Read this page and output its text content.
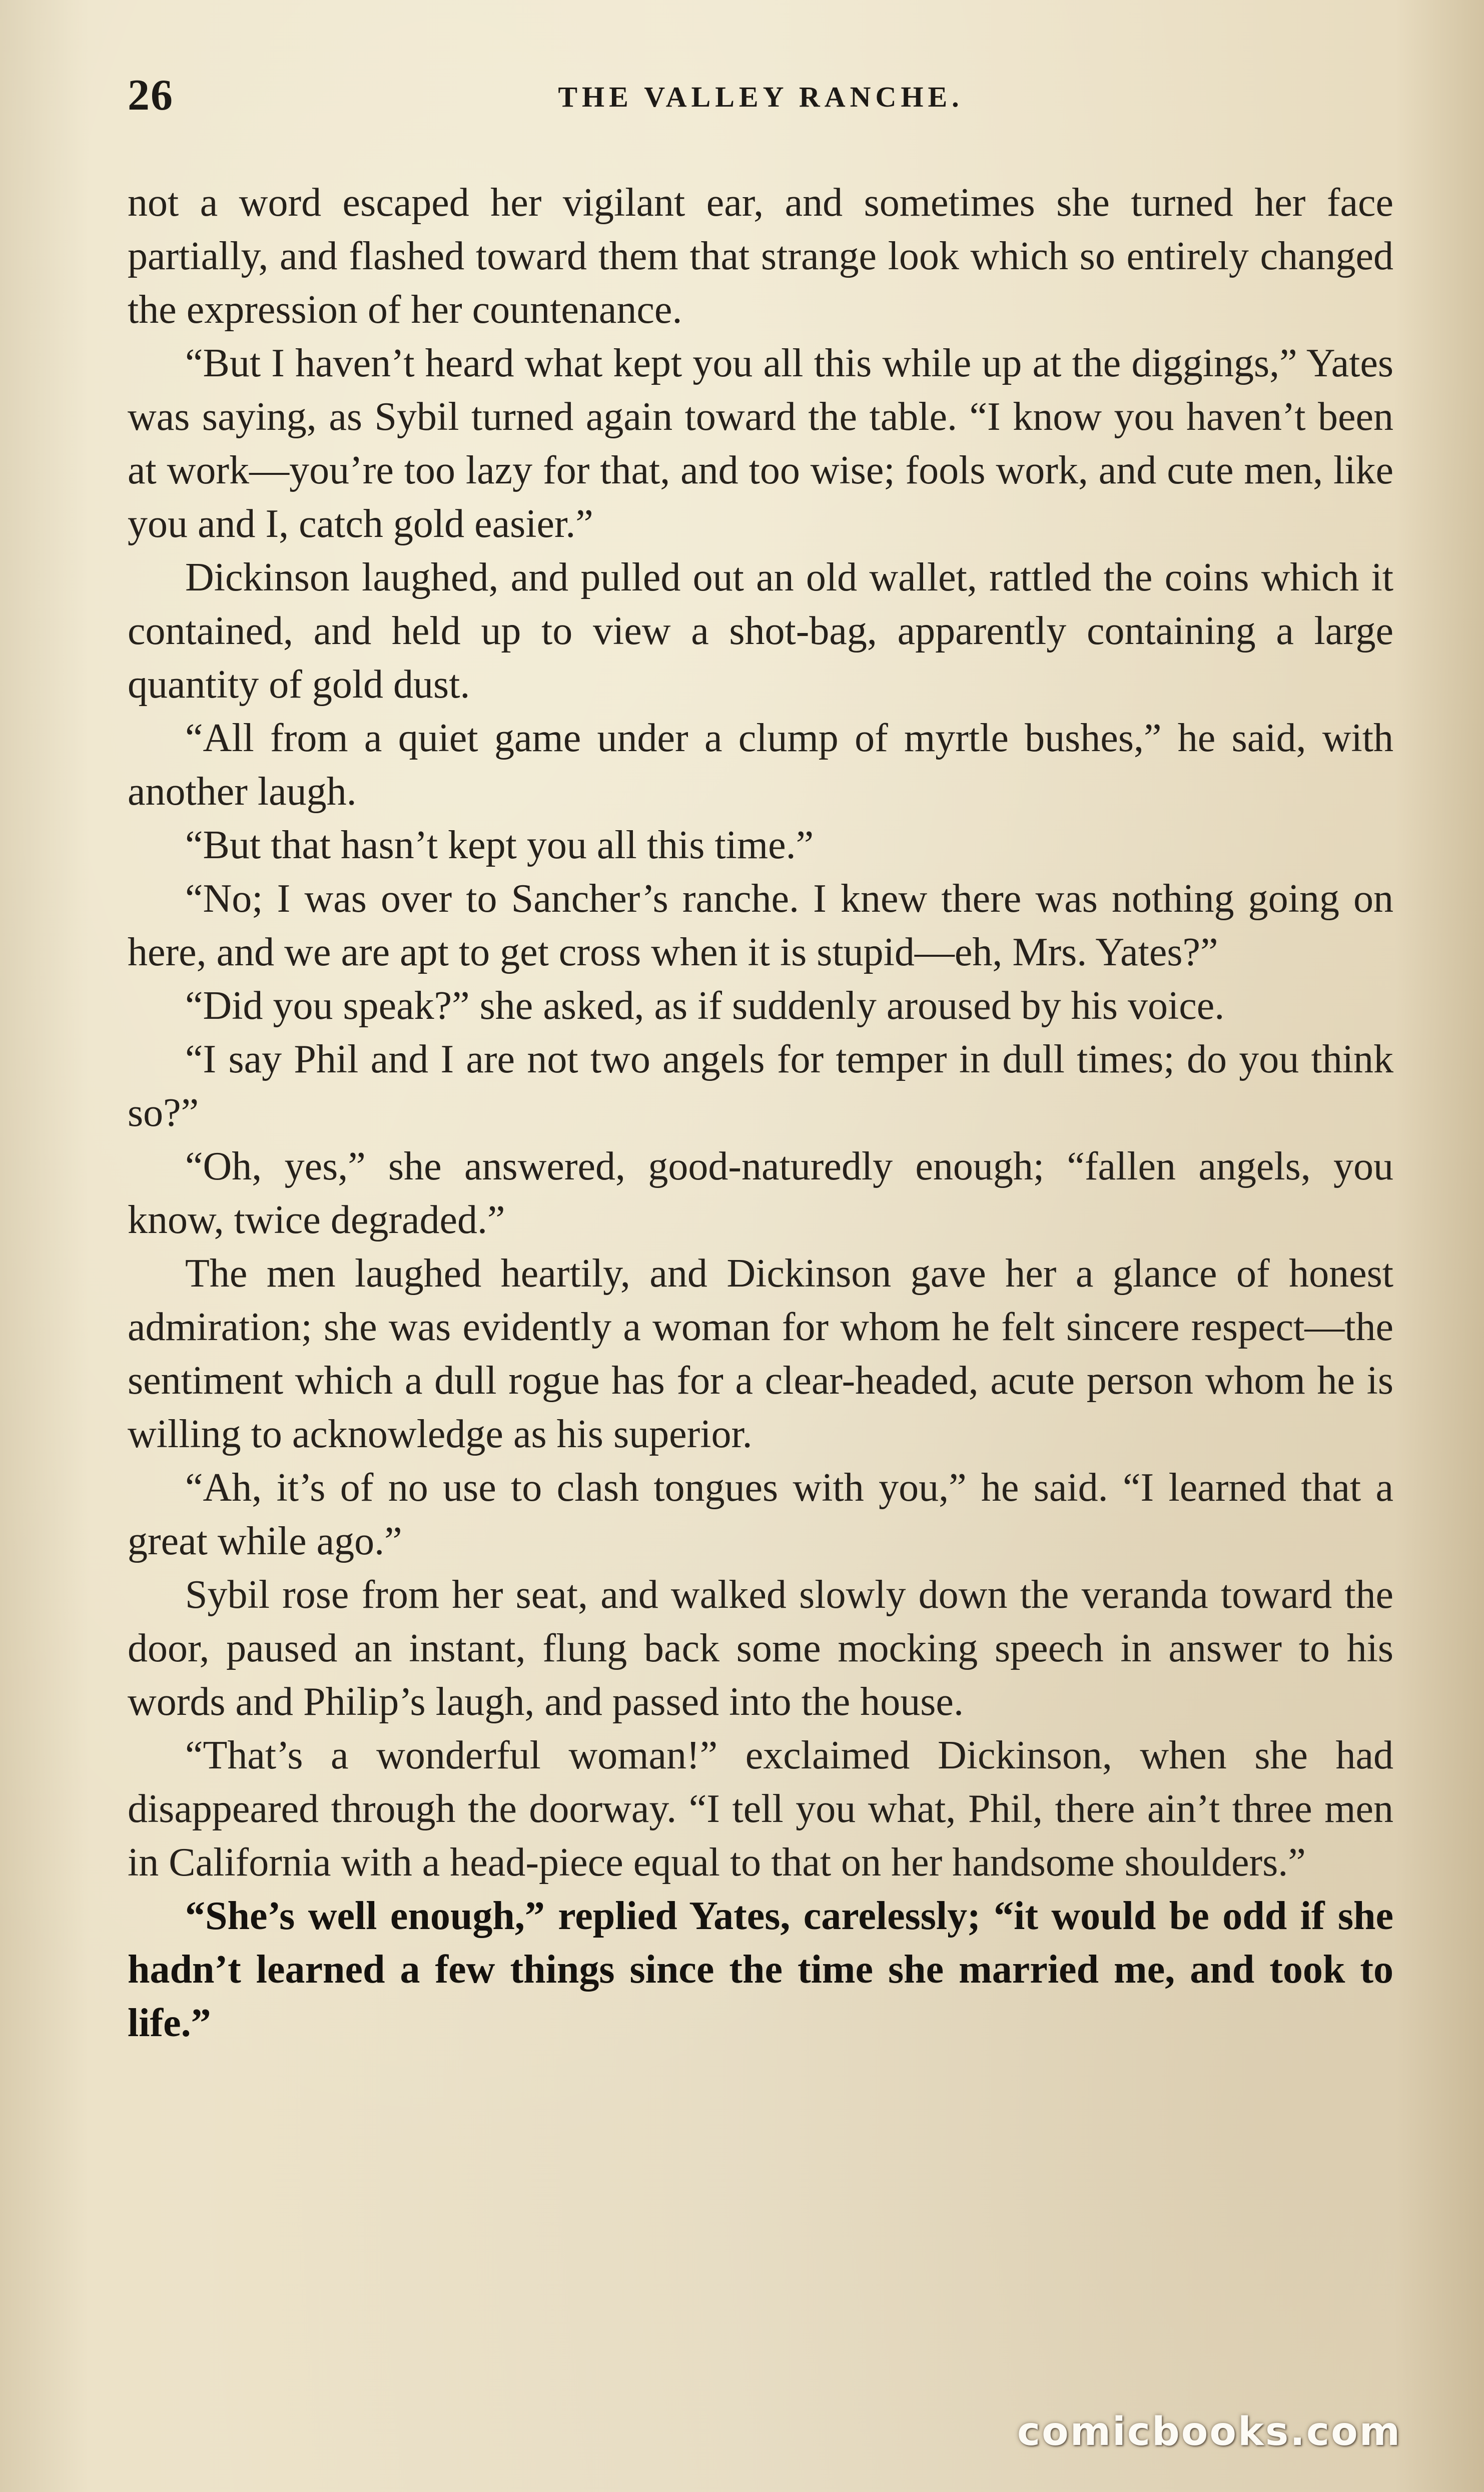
26	THE VALLEY RANCHE.

not a word escaped her vigilant ear, and sometimes she turned her face partially, and flashed toward them that strange look which so entirely changed the expression of her countenance.

“But I haven’t heard what kept you all this while up at the diggings,” Yates was saying, as Sybil turned again toward the table. “I know you haven’t been at work—you’re too lazy for that, and too wise; fools work, and cute men, like you and I, catch gold easier.”

Dickinson laughed, and pulled out an old wallet, rattled the coins which it contained, and held up to view a shot-bag, apparently containing a large quantity of gold dust.

“All from a quiet game under a clump of myrtle bushes,” he said, with another laugh.

“But that hasn’t kept you all this time.”

“No; I was over to Sancher’s ranche. I knew there was nothing going on here, and we are apt to get cross when it is stupid—eh, Mrs. Yates?”

“Did you speak?” she asked, as if suddenly aroused by his voice.

“I say Phil and I are not two angels for temper in dull times; do you think so?”

“Oh, yes,” she answered, good-naturedly enough; “fallen angels, you know, twice degraded.”

The men laughed heartily, and Dickinson gave her a glance of honest admiration; she was evidently a woman for whom he felt sincere respect—the sentiment which a dull rogue has for a clear-headed, acute person whom he is willing to acknowledge as his superior.

“Ah, it’s of no use to clash tongues with you,” he said. “I learned that a great while ago.”

Sybil rose from her seat, and walked slowly down the veranda toward the door, paused an instant, flung back some mocking speech in answer to his words and Philip’s laugh, and passed into the house.

“That’s a wonderful woman!” exclaimed Dickinson, when she had disappeared through the doorway. “I tell you what, Phil, there ain’t three men in California with a head-piece equal to that on her handsome shoulders.”

“She’s well enough,” replied Yates, carelessly; “it would be odd if she hadn’t learned a few things since the time she married me, and took to life.”

comicbooks.com
